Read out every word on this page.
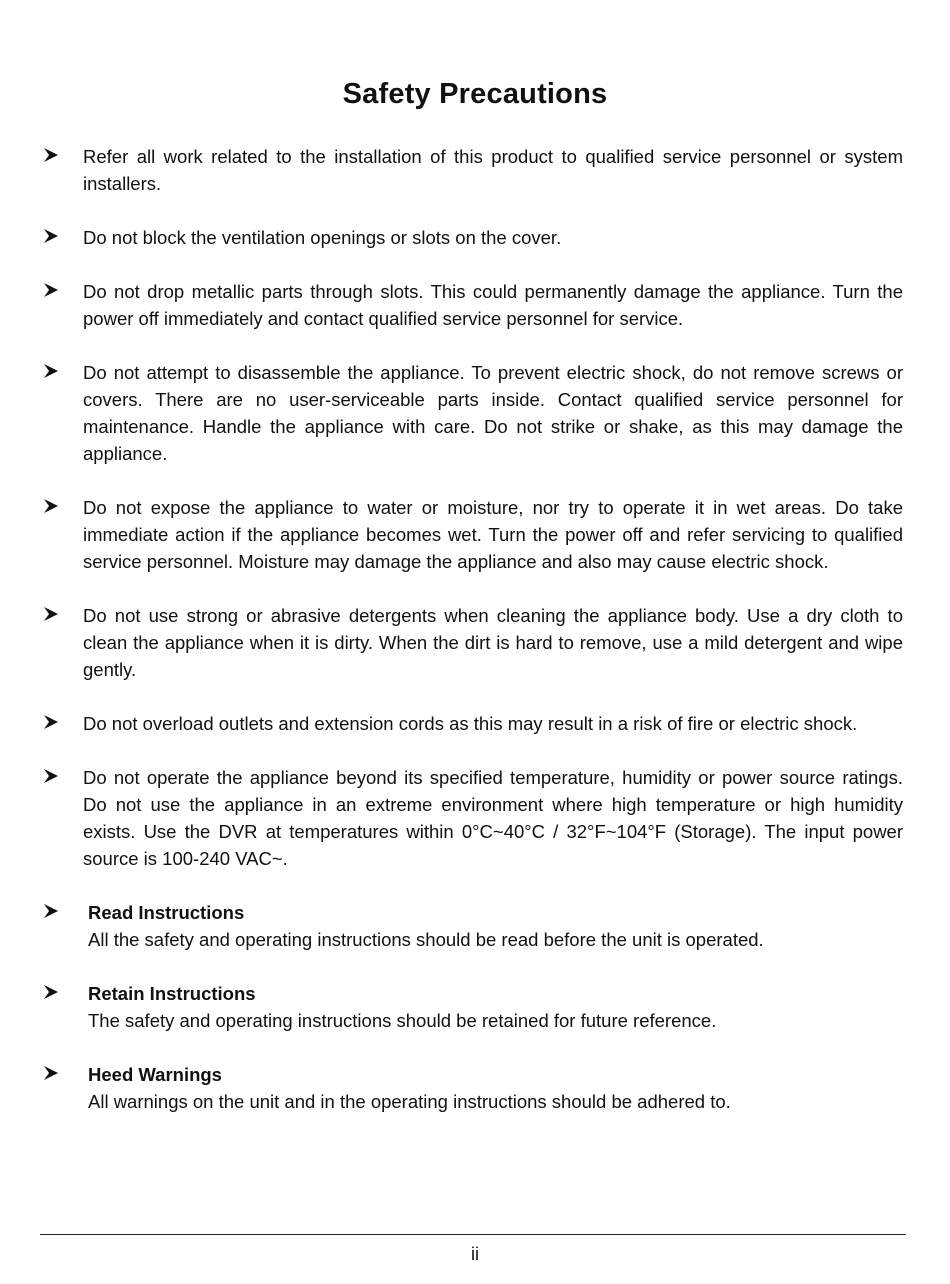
Safety Precautions
Refer all work related to the installation of this product to qualified service personnel or system installers.
Do not block the ventilation openings or slots on the cover.
Do not drop metallic parts through slots. This could permanently damage the appliance. Turn the power off immediately and contact qualified service personnel for service.
Do not attempt to disassemble the appliance. To prevent electric shock, do not remove screws or covers. There are no user-serviceable parts inside. Contact qualified service personnel for maintenance. Handle the appliance with care. Do not strike or shake, as this may damage the appliance.
Do not expose the appliance to water or moisture, nor try to operate it in wet areas. Do take immediate action if the appliance becomes wet. Turn the power off and refer servicing to qualified service personnel. Moisture may damage the appliance and also may cause electric shock.
Do not use strong or abrasive detergents when cleaning the appliance body. Use a dry cloth to clean the appliance when it is dirty. When the dirt is hard to remove, use a mild detergent and wipe gently.
Do not overload outlets and extension cords as this may result in a risk of fire or electric shock.
Do not operate the appliance beyond its specified temperature, humidity or power source ratings. Do not use the appliance in an extreme environment where high temperature or high humidity exists. Use the DVR at temperatures within 0°C~40°C / 32°F~104°F (Storage). The input power source is 100-240 VAC~.
Read Instructions
All the safety and operating instructions should be read before the unit is operated.
Retain Instructions
The safety and operating instructions should be retained for future reference.
Heed Warnings
All warnings on the unit and in the operating instructions should be adhered to.
ii
